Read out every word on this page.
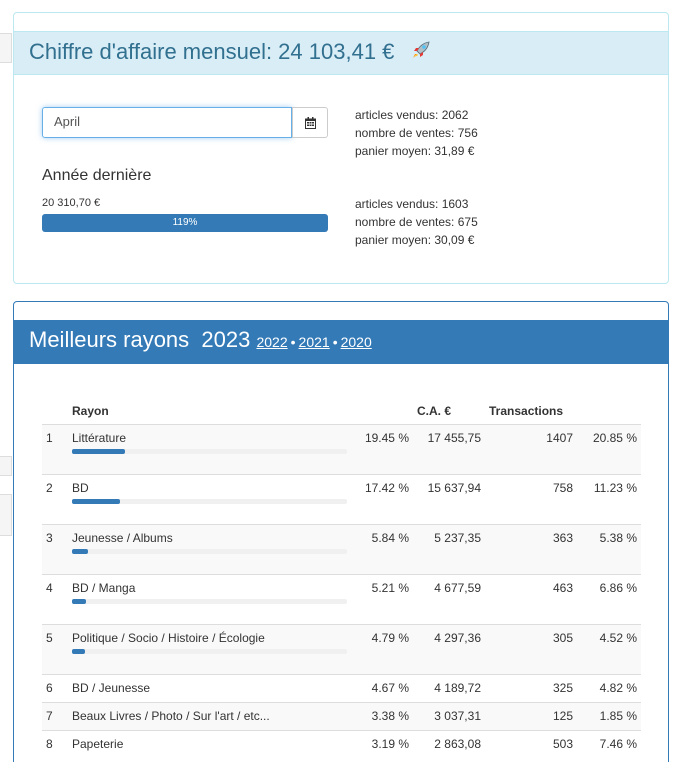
Chiffre d'affaire mensuel: 24 103,41 €
April	articles vendus: 2062
nombre de ventes: 756
panier moyen: 31,89 €
Année dernière
20 310,70 €
119%
articles vendus: 1603
nombre de ventes: 675
panier moyen: 30,09 €
Meilleurs rayons  2023 2022 • 2021 • 2020
	Rayon		C.A. €	Transactions	
1	Littérature	19.45 %	17 455,75	1407	20.85 %
2	BD	17.42 %	15 637,94	758	11.23 %
3	Jeunesse / Albums	5.84 %	5 237,35	363	5.38 %
4	BD / Manga	5.21 %	4 677,59	463	6.86 %
5	Politique / Socio / Histoire / Écologie	4.79 %	4 297,36	305	4.52 %
6	BD / Jeunesse	4.67 %	4 189,72	325	4.82 %
7	Beaux Livres / Photo / Sur l'art / etc...	3.38 %	3 037,31	125	1.85 %
8	Papeterie	3.19 %	2 863,08	503	7.46 %
